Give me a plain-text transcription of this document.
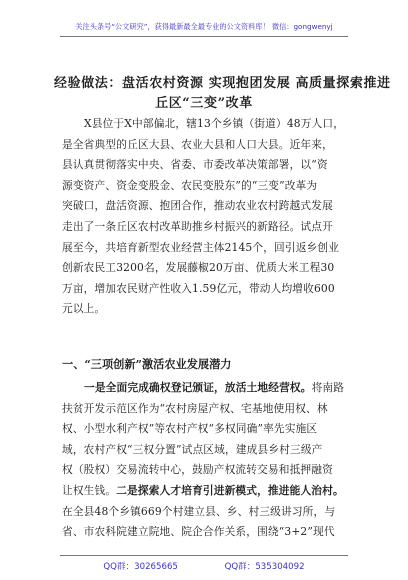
关注头条号“公文研究”，获得最新最全最专业的公文资料库！ 微信：gongwenyj
经验做法：盘活农村资源 实现抱团发展 高质量探索推进
丘区“三变”改革
X县位于X中部偏北，辖13个乡镇（街道）48万人口，
是全省典型的丘区大县、农业大县和人口大县。近年来，
县认真贯彻落实中央、省委、市委改革决策部署，以“资
源变资产、资金变股金、农民变股东”的“三变”改革为
突破口，盘活资源、抱团合作，推动农业农村跨越式发展
走出了一条丘区农村改革助推乡村振兴的新路径。试点开
展至今，共培育新型农业经营主体2145个，回引返乡创业
创新农民工3200名，发展藤椒20万亩、优质大米工程30
万亩，增加农民财产性收入1.59亿元，带动人均增收600
元以上。
一、“三项创新”激活农业发展潜力
一是全面完成确权登记颁证，放活土地经营权。将南路
扶贫开发示范区作为“农村房屋产权、宅基地使用权、林
权、小型水利产权”等农村产权“多权同确”率先实施区
域，农村产权“三权分置”试点区域，建成县乡村三级产
权（股权）交易流转中心，鼓励产权流转交易和抵押融资
让权生钱。二是探索人才培育引进新模式，推进能人治村。
在全县48个乡镇669个村建立县、乡、村三级讲习所，与
省、市农科院建立院地、院企合作关系，围绕“3+2”现代
QQ群：30265665	QQ群：535304092
